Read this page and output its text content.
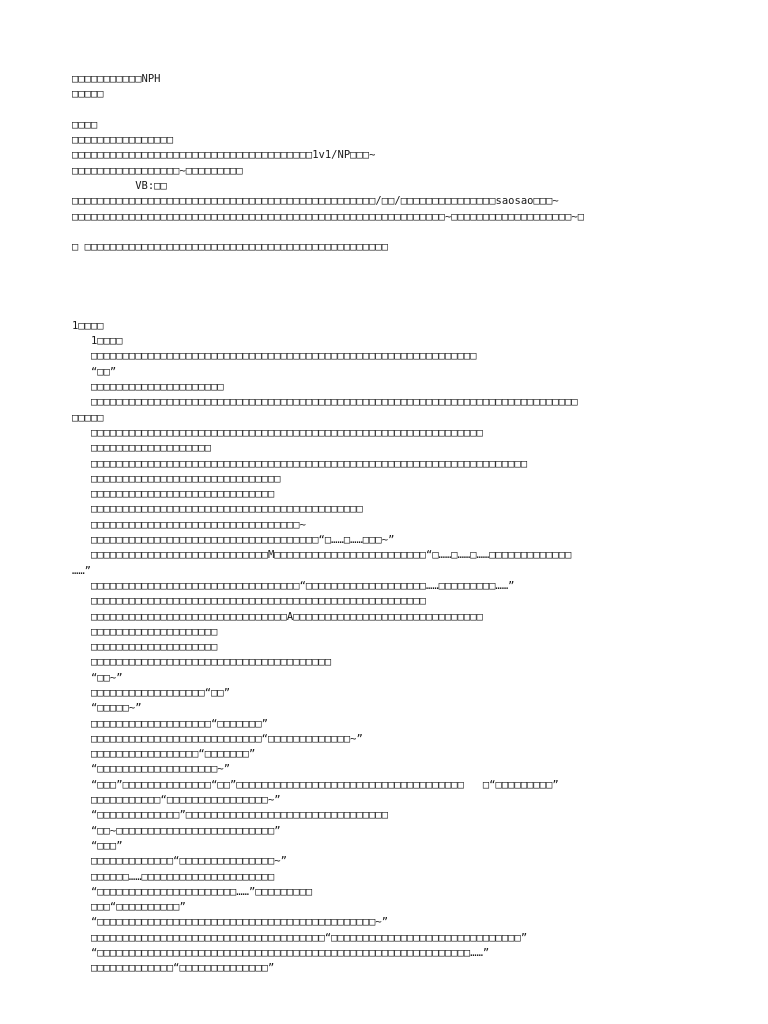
□□□□□□□□□□□NPH
□□□□□
□□□□
□□□□□□□□□□□□□□□□
□□□□□□□□□□□□□□□□□□□□□□□□□□□□□□□□□□□□□□1v1/NP□□□~
□□□□□□□□□□□□□□□□□~□□□□□□□□□
VB:□□
□□□□□□□□□□□□□□□□□□□□□□□□□□□□□□□□□□□□□□□□□□□□□□□□/□□/□□□□□□□□□□□□□□□saosao□□□~
□□□□□□□□□□□□□□□□□□□□□□□□□□□□□□□□□□□□□□□□□□□□□□□□□□□□□□□□□□□~□□□□□□□□□□□□□□□□□□□~□
□ □□□□□□□□□□□□□□□□□□□□□□□□□□□□□□□□□□□□□□□□□□□□□□□□
1□□□□
1□□□□
□□□□□□□□□□□□□□□□□□□□□□□□□□□□□□□□□□□□□□□□□□□□□□□□□□□□□□□□□□□□□
“□□”
□□□□□□□□□□□□□□□□□□□□□
□□□□□□□□□□□□□□□□□□□□□□□□□□□□□□□□□□□□□□□□□□□□□□□□□□□□□□□□□□□□□□□□□□□□□□□□□□□□□
□□□□□
□□□□□□□□□□□□□□□□□□□□□□□□□□□□□□□□□□□□□□□□□□□□□□□□□□□□□□□□□□□□□□
□□□□□□□□□□□□□□□□□□□
□□□□□□□□□□□□□□□□□□□□□□□□□□□□□□□□□□□□□□□□□□□□□□□□□□□□□□□□□□□□□□□□□□□□□
□□□□□□□□□□□□□□□□□□□□□□□□□□□□□□
□□□□□□□□□□□□□□□□□□□□□□□□□□□□□
□□□□□□□□□□□□□□□□□□□□□□□□□□□□□□□□□□□□□□□□□□□
□□□□□□□□□□□□□□□□□□□□□□□□□□□□□□□□□~
□□□□□□□□□□□□□□□□□□□□□□□□□□□□□□□□□□□□“□……□……□□□~”
□□□□□□□□□□□□□□□□□□□□□□□□□□□□M□□□□□□□□□□□□□□□□□□□□□□□□“□……□……□……□□□□□□□□□□□□□
……”
□□□□□□□□□□□□□□□□□□□□□□□□□□□□□□□□□“□□□□□□□□□□□□□□□□□□□……□□□□□□□□□……”
□□□□□□□□□□□□□□□□□□□□□□□□□□□□□□□□□□□□□□□□□□□□□□□□□□□□□
□□□□□□□□□□□□□□□□□□□□□□□□□□□□□□□A□□□□□□□□□□□□□□□□□□□□□□□□□□□□□□
□□□□□□□□□□□□□□□□□□□□
□□□□□□□□□□□□□□□□□□□□
□□□□□□□□□□□□□□□□□□□□□□□□□□□□□□□□□□□□□□
“□□~”
□□□□□□□□□□□□□□□□□□“□□”
“□□□□□~”
□□□□□□□□□□□□□□□□□□□“□□□□□□□”
□□□□□□□□□□□□□□□□□□□□□□□□□□□“□□□□□□□□□□□□□~”
□□□□□□□□□□□□□□□□□“□□□□□□□”
“□□□□□□□□□□□□□□□□□□□~”
“□□□”□□□□□□□□□□□□□□“□□”□□□□□□□□□□□□□□□□□□□□□□□□□□□□□□□□□□□□   □“□□□□□□□□□”
□□□□□□□□□□□“□□□□□□□□□□□□□□□□~”
“□□□□□□□□□□□□□”□□□□□□□□□□□□□□□□□□□□□□□□□□□□□□□□
“□□~□□□□□□□□□□□□□□□□□□□□□□□□□”
“□□□”
□□□□□□□□□□□□□“□□□□□□□□□□□□□□□~”
□□□□□□……□□□□□□□□□□□□□□□□□□□□□
“□□□□□□□□□□□□□□□□□□□□□□……”□□□□□□□□□
□□□“□□□□□□□□□□”
“□□□□□□□□□□□□□□□□□□□□□□□□□□□□□□□□□□□□□□□□□□□□~”
□□□□□□□□□□□□□□□□□□□□□□□□□□□□□□□□□□□□□“□□□□□□□□□□□□□□□□□□□□□□□□□□□□□□”
“□□□□□□□□□□□□□□□□□□□□□□□□□□□□□□□□□□□□□□□□□□□□□□□□□□□□□□□□□□□……”
□□□□□□□□□□□□□“□□□□□□□□□□□□□□”
